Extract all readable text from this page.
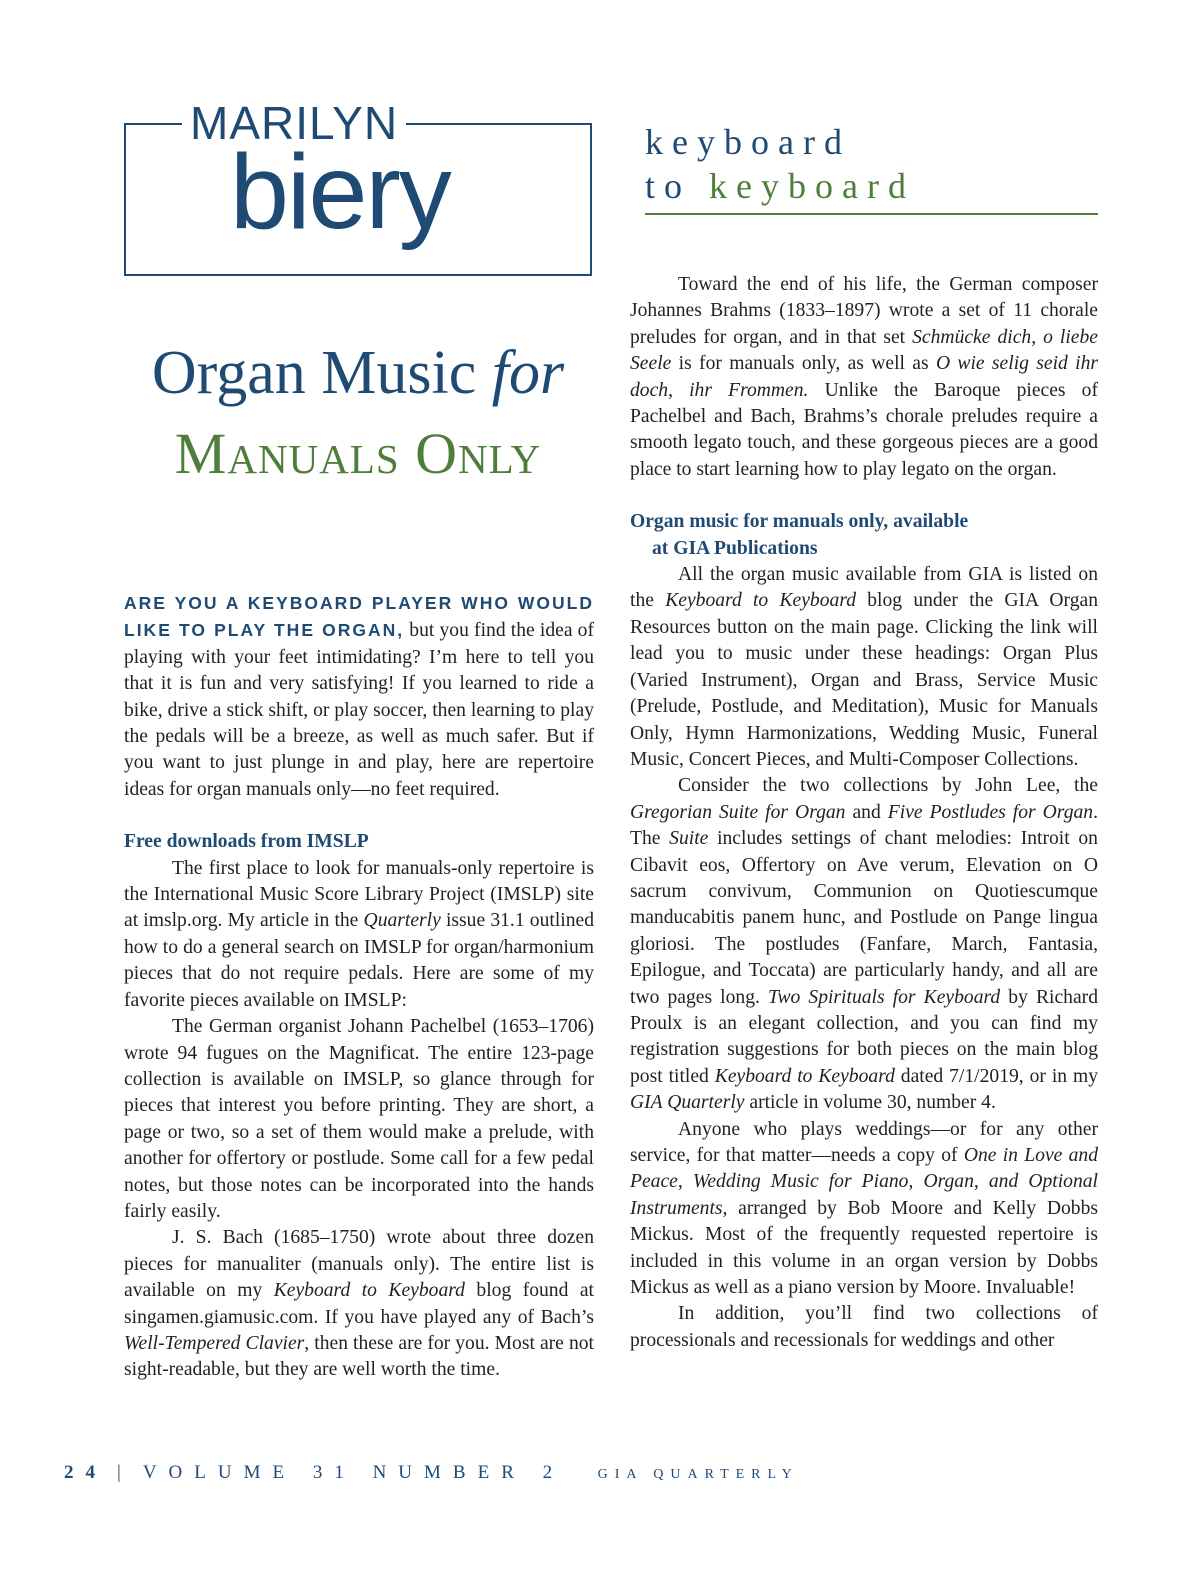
MARILYN
biery	keyboard
to keyboard
Organ Music for
Manuals Only

ARE YOU A KEYBOARD PLAYER WHO WOULD LIKE TO PLAY THE ORGAN, but you find the idea of playing with your feet intimidating? I’m here to tell you that it is fun and very satisfying! If you learned to ride a bike, drive a stick shift, or play soccer, then learning to play the pedals will be a breeze, as well as much safer. But if you want to just plunge in and play, here are repertoire ideas for organ manuals only—no feet required.

Free downloads from IMSLP

The first place to look for manuals-only repertoire is the International Music Score Library Project (IMSLP) site at imslp.org. My article in the Quarterly issue 31.1 outlined how to do a general search on IMSLP for organ/harmonium pieces that do not require pedals. Here are some of my favorite pieces available on IMSLP:

The German organist Johann Pachelbel (1653–1706) wrote 94 fugues on the Magnificat. The entire 123-page collection is available on IMSLP, so glance through for pieces that interest you before printing. They are short, a page or two, so a set of them would make a prelude, with another for offertory or postlude. Some call for a few pedal notes, but those notes can be incorporated into the hands fairly easily.

J. S. Bach (1685–1750) wrote about three dozen pieces for manualiter (manuals only). The entire list is available on my Keyboard to Keyboard blog found at singamen.giamusic.com. If you have played any of Bach’s Well-Tempered Clavier, then these are for you. Most are not sight-readable, but they are well worth the time.

Toward the end of his life, the German composer Johannes Brahms (1833–1897) wrote a set of 11 chorale preludes for organ, and in that set Schmücke dich, o liebe Seele is for manuals only, as well as O wie selig seid ihr doch, ihr Frommen. Unlike the Baroque pieces of Pachelbel and Bach, Brahms’s chorale preludes require a smooth legato touch, and these gorgeous pieces are a good place to start learning how to play legato on the organ.

Organ music for manuals only, available

at GIA Publications

All the organ music available from GIA is listed on the Keyboard to Keyboard blog under the GIA Organ Resources button on the main page. Clicking the link will lead you to music under these headings: Organ Plus (Varied Instrument), Organ and Brass, Service Music (Prelude, Postlude, and Meditation), Music for Manuals Only, Hymn Harmonizations, Wedding Music, Funeral Music, Concert Pieces, and Multi-Composer Collections.

Consider the two collections by John Lee, the Gregorian Suite for Organ and Five Postludes for Organ. The Suite includes settings of chant melodies: Introit on Cibavit eos, Offertory on Ave verum, Elevation on O sacrum convivum, Communion on Quotiescumque manducabitis panem hunc, and Postlude on Pange lingua gloriosi. The postludes (Fanfare, March, Fantasia, Epilogue, and Toccata) are particularly handy, and all are two pages long. Two Spirituals for Keyboard by Richard Proulx is an elegant collection, and you can find my registration suggestions for both pieces on the main blog post titled Keyboard to Keyboard dated 7/1/2019, or in my GIA Quarterly article in volume 30, number 4.

Anyone who plays weddings—or for any other service, for that matter—needs a copy of One in Love and Peace, Wedding Music for Piano, Organ, and Optional Instruments, arranged by Bob Moore and Kelly Dobbs Mickus. Most of the frequently requested repertoire is included in this volume in an organ version by Dobbs Mickus as well as a piano version by Moore. Invaluable!

In addition, you’ll find two collections of processionals and recessionals for weddings and other

24 | VOLUME 31 NUMBER 2 GIA QUARTERLY
